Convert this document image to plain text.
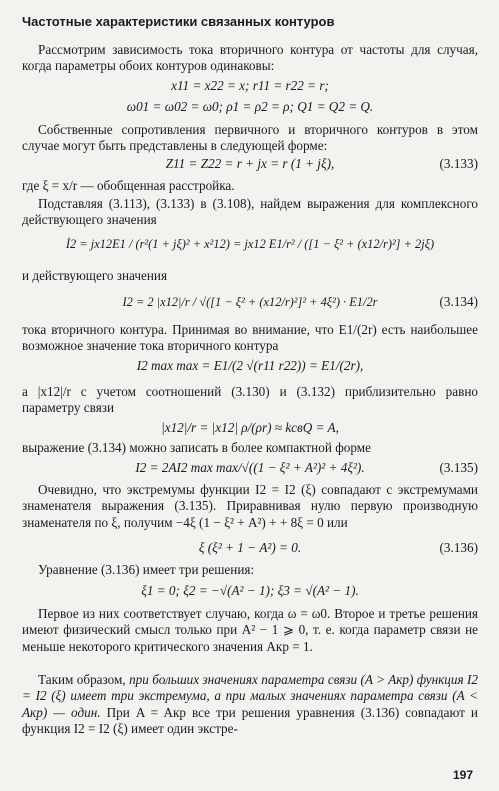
Частотные характеристики связанных контуров
Рассмотрим зависимость тока вторичного контура от частоты для случая, когда параметры обоих контуров одинаковы:
x11 = x22 = x; r11 = r22 = r;
ω01 = ω02 = ω0; ρ1 = ρ2 = ρ; Q1 = Q2 = Q.
Собственные сопротивления первичного и вторичного контуров в этом случае могут быть представлены в следующей форме:
Z11 = Z22 = r + jx = r (1 + jξ),	(3.133)
где ξ = x/r — обобщенная расстройка.
Подставляя (3.113), (3.133) в (3.108), найдем выражения для комплексного действующего значения
İ2 = jx12E1 / (r²(1 + jξ)² + x²12) = jx12 E1/r² / ([1 − ξ² + (x12/r)²] + 2jξ)
и действующего значения
I2 = 2 |x12|/r / √([1 − ξ² + (x12/r)²]² + 4ξ²) · E1/2r	(3.134)
тока вторичного контура. Принимая во внимание, что E1/(2r) есть наибольшее возможное значение тока вторичного контура
I2 max max = E1/(2 √(r11 r22)) = E1/(2r),
а |x12|/r с учетом соотношений (3.130) и (3.132) приблизительно равно параметру связи
|x12|/r = |x12| ρ/(ρr) ≈ kсвQ = A,
выражение (3.134) можно записать в более компактной форме
I2 = 2AI2 max max/√((1 − ξ² + A²)² + 4ξ²).	(3.135)
Очевидно, что экстремумы функции I2 = I2 (ξ) совпадают с экстремумами знаменателя выражения (3.135). Приравнивая нулю первую производную знаменателя по ξ, получим −4ξ (1 − ξ² + A²) + + 8ξ = 0 или
ξ (ξ² + 1 − A²) = 0.	(3.136)
Уравнение (3.136) имеет три решения:
ξ1 = 0; ξ2 = −√(A² − 1); ξ3 = √(A² − 1).
Первое из них соответствует случаю, когда ω = ω0. Второе и третье решения имеют физический смысл только при A² − 1 ⩾ 0, т. е. когда параметр связи не меньше некоторого критического значения Aкр = 1.
Таким образом, при больших значениях параметра связи (A > Aкр) функция I2 = I2 (ξ) имеет три экстремума, а при малых значениях параметра связи (A < Aкр) — один. При A = Aкр все три решения уравнения (3.136) совпадают и функция I2 = I2 (ξ) имеет один экстре-
197
